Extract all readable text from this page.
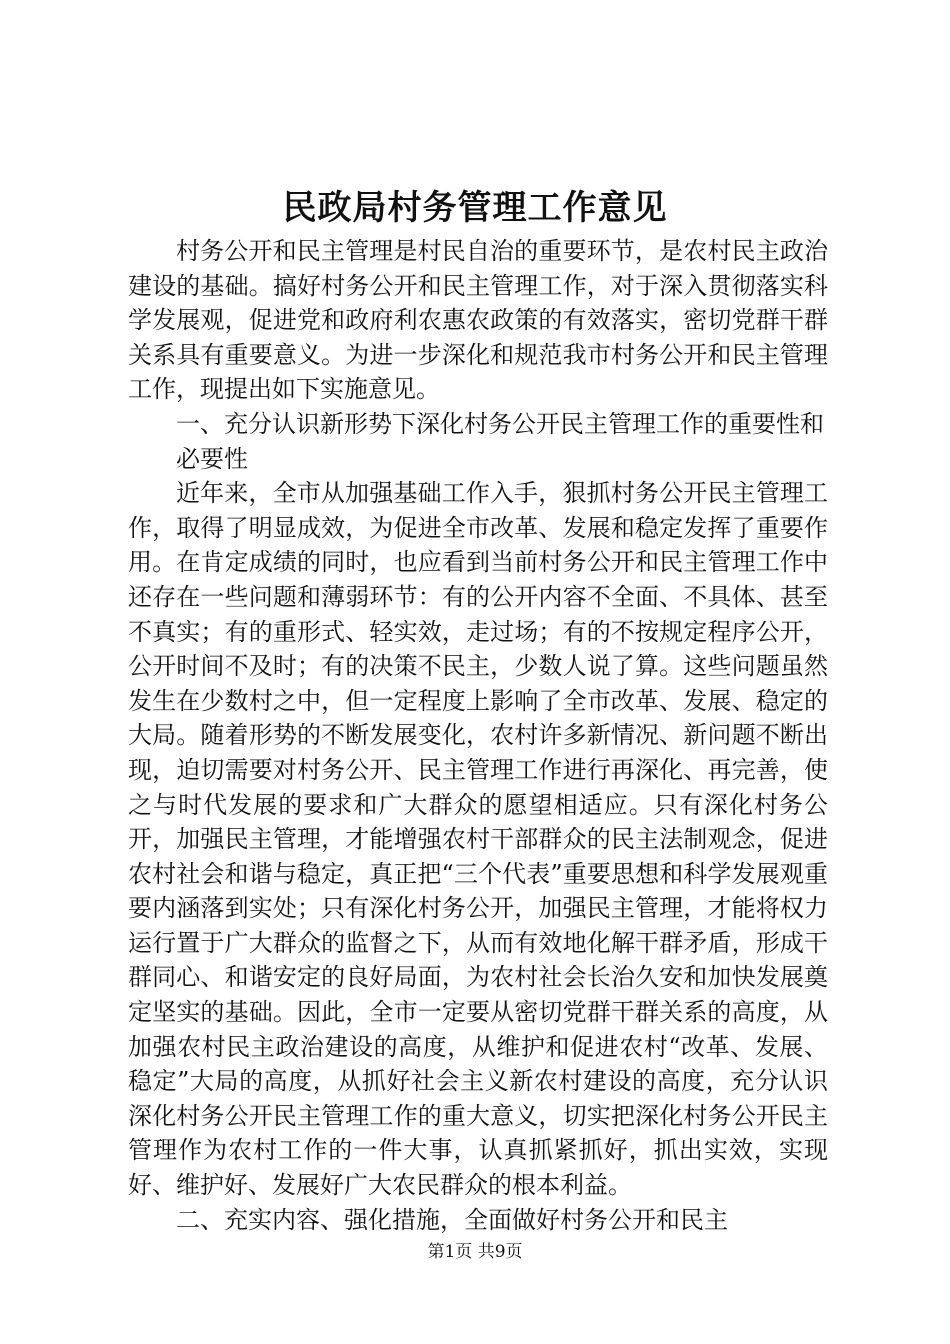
民政局村务管理工作意见

村务公开和民主管理是村民自治的重要环节，是农村民主政治建设的基础。搞好村务公开和民主管理工作，对于深入贯彻落实科学发展观，促进党和政府利农惠农政策的有效落实，密切党群干群关系具有重要意义。为进一步深化和规范我市村务公开和民主管理工作，现提出如下实施意见。

一、充分认识新形势下深化村务公开民主管理工作的重要性和必要性

近年来，全市从加强基础工作入手，狠抓村务公开民主管理工作，取得了明显成效，为促进全市改革、发展和稳定发挥了重要作用。在肯定成绩的同时，也应看到当前村务公开和民主管理工作中还存在一些问题和薄弱环节：有的公开内容不全面、不具体、甚至不真实；有的重形式、轻实效，走过场；有的不按规定程序公开，公开时间不及时；有的决策不民主，少数人说了算。这些问题虽然发生在少数村之中，但一定程度上影响了全市改革、发展、稳定的大局。随着形势的不断发展变化，农村许多新情况、新问题不断出现，迫切需要对村务公开、民主管理工作进行再深化、再完善，使之与时代发展的要求和广大群众的愿望相适应。只有深化村务公开，加强民主管理，才能增强农村干部群众的民主法制观念，促进农村社会和谐与稳定，真正把“三个代表”重要思想和科学发展观重要内涵落到实处；只有深化村务公开，加强民主管理，才能将权力运行置于广大群众的监督之下，从而有效地化解干群矛盾，形成干群同心、和谐安定的良好局面，为农村社会长治久安和加快发展奠定坚实的基础。因此，全市一定要从密切党群干群关系的高度，从加强农村民主政治建设的高度，从维护和促进农村“改革、发展、稳定”大局的高度，从抓好社会主义新农村建设的高度，充分认识深化村务公开民主管理工作的重大意义，切实把深化村务公开民主管理作为农村工作的一件大事，认真抓紧抓好，抓出实效，实现好、维护好、发展好广大农民群众的根本利益。

二、充实内容、强化措施，全面做好村务公开和民主

第1页 共9页
